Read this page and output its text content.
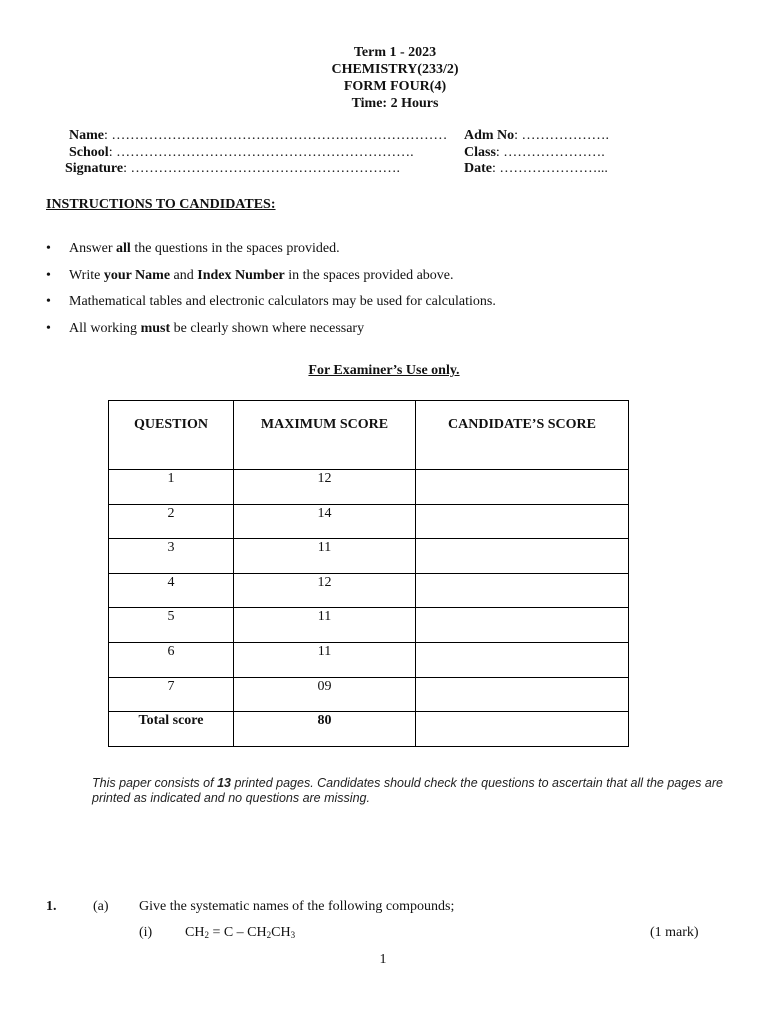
Term 1 - 2023
CHEMISTRY(233/2)
FORM FOUR(4)
Time: 2 Hours
Name: ……………………………………………………………… Adm No: ……………….
School: ……………………………………………………….	Class: ………………….
Signature: ………………………………………………….	Date: …………………...
INSTRUCTIONS TO CANDIDATES:
• Answer all the questions in the spaces provided.
• Write your Name and Index Number in the spaces provided above.
• Mathematical tables and electronic calculators may be used for calculations.
• All working must be clearly shown where necessary
For Examiner’s Use only.
QUESTION	MAXIMUM SCORE	CANDIDATE’S SCORE
1	12	
2	14	
3	11	
4	12	
5	11	
6	11	
7	09	
Total score	80	
This paper consists of 13 printed pages. Candidates should check the questions to ascertain that all the pages are printed as indicated and no questions are missing.
1.	(a) Give the systematic names of the following compounds;
(i) $CH_2 = C - CH_2CH_3$	(1 mark)
1
